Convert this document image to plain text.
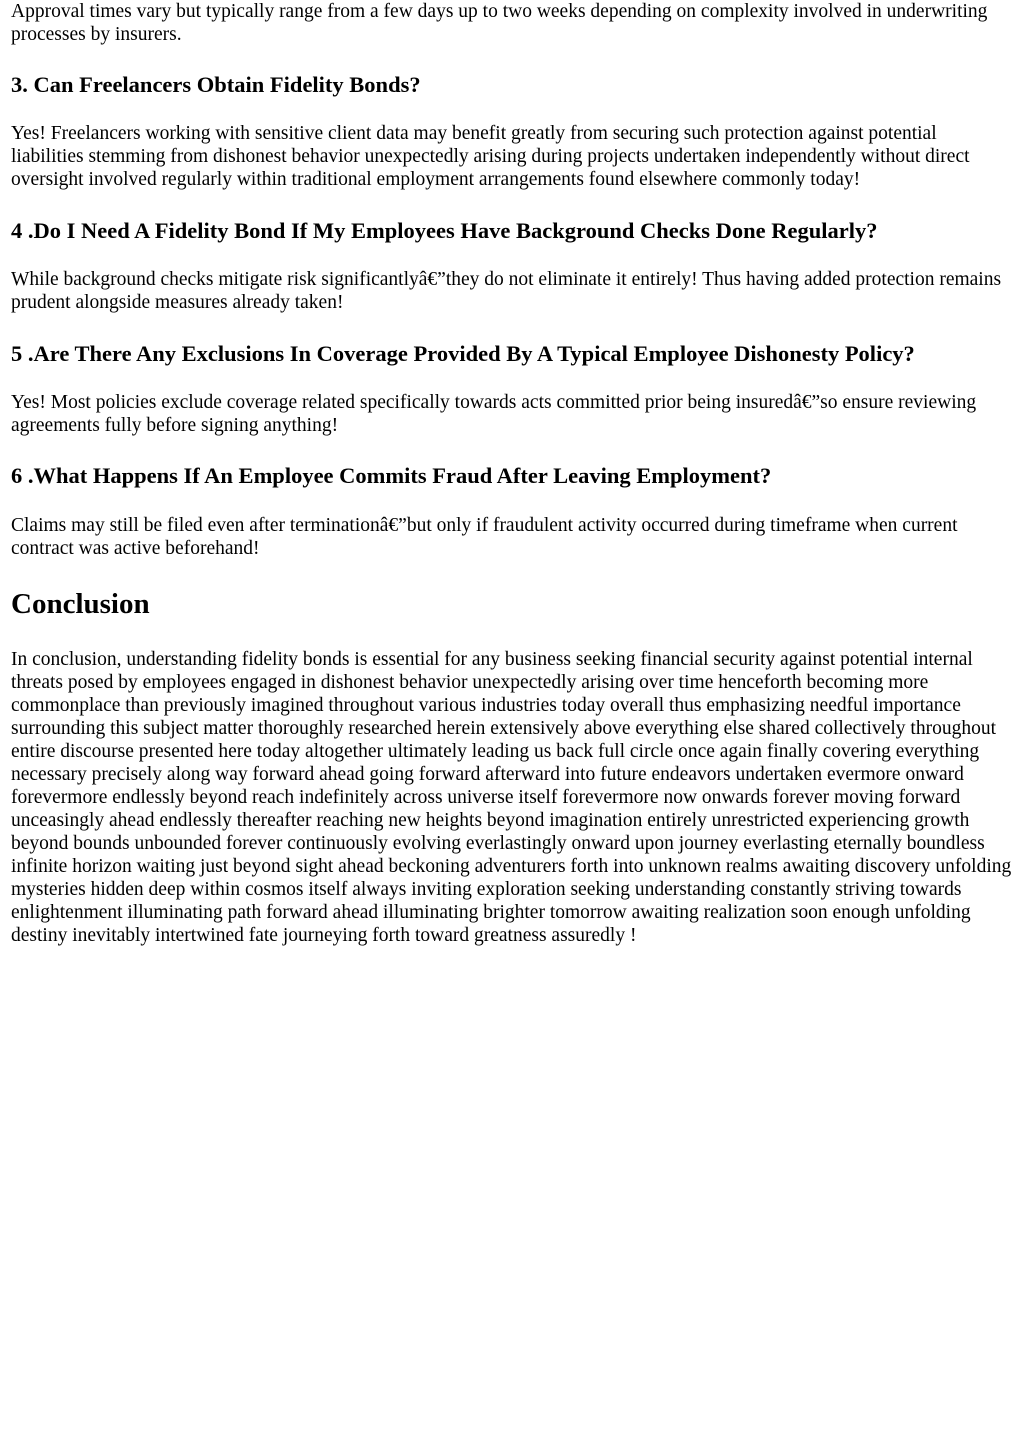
Approval times vary but typically range from a few days up to two weeks depending on complexity involved in underwriting processes by insurers.

3. Can Freelancers Obtain Fidelity Bonds?

Yes! Freelancers working with sensitive client data may benefit greatly from securing such protection against potential liabilities stemming from dishonest behavior unexpectedly arising during projects undertaken independently without direct oversight involved regularly within traditional employment arrangements found elsewhere commonly today!

4 .Do I Need A Fidelity Bond If My Employees Have Background Checks Done Regularly?

While background checks mitigate risk significantlyâ€”they do not eliminate it entirely! Thus having added protection remains prudent alongside measures already taken!

5 .Are There Any Exclusions In Coverage Provided By A Typical Employee Dishonesty Policy?

Yes! Most policies exclude coverage related specifically towards acts committed prior being insuredâ€”so ensure reviewing agreements fully before signing anything!

6 .What Happens If An Employee Commits Fraud After Leaving Employment?

Claims may still be filed even after terminationâ€”but only if fraudulent activity occurred during timeframe when current contract was active beforehand!

Conclusion

In conclusion, understanding fidelity bonds is essential for any business seeking financial security against potential internal threats posed by employees engaged in dishonest behavior unexpectedly arising over time henceforth becoming more commonplace than previously imagined throughout various industries today overall thus emphasizing needful importance surrounding this subject matter thoroughly researched herein extensively above everything else shared collectively throughout entire discourse presented here today altogether ultimately leading us back full circle once again finally covering everything necessary precisely along way forward ahead going forward afterward into future endeavors undertaken evermore onward forevermore endlessly beyond reach indefinitely across universe itself forevermore now onwards forever moving forward unceasingly ahead endlessly thereafter reaching new heights beyond imagination entirely unrestricted experiencing growth beyond bounds unbounded forever continuously evolving everlastingly onward upon journey everlasting eternally boundless infinite horizon waiting just beyond sight ahead beckoning adventurers forth into unknown realms awaiting discovery unfolding mysteries hidden deep within cosmos itself always inviting exploration seeking understanding constantly striving towards enlightenment illuminating path forward ahead illuminating brighter tomorrow awaiting realization soon enough unfolding destiny inevitably intertwined fate journeying forth toward greatness assuredly !
